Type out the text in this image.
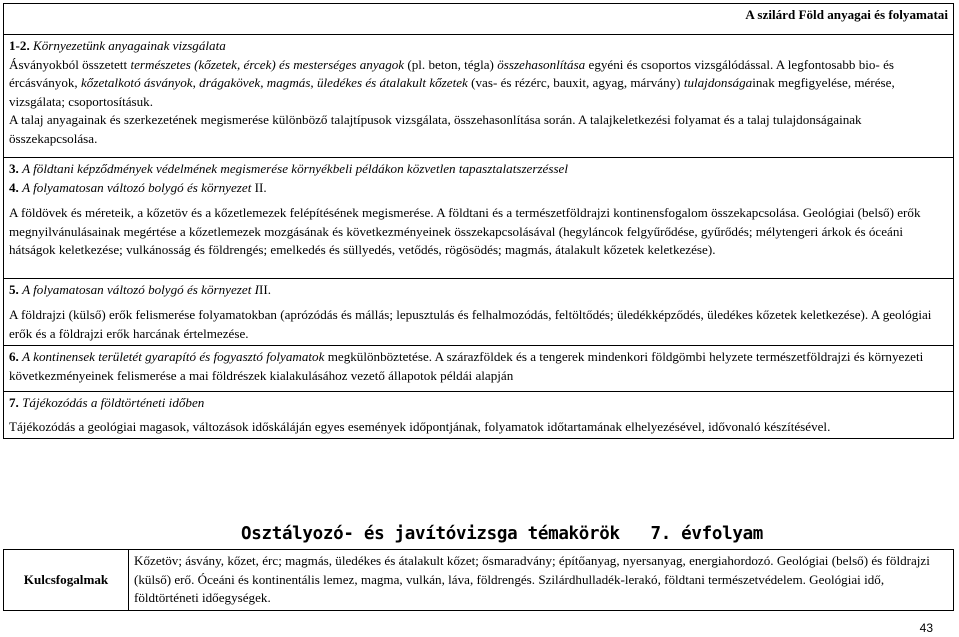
A szilárd Föld anyagai és folyamatai

1-2. Környezetünk anyagainak vizsgálata

Ásványokból összetett természetes (kőzetek, ércek) és mesterséges anyagok (pl. beton, tégla) összehasonlítása egyéni és csoportos vizsgálódással. A legfontosabb bio- és ércásványok, kőzetalkotó ásványok, drágakövek, magmás, üledékes és átalakult kőzetek (vas- és rézérc, bauxit, agyag, márvány) tulajdonságainak megfigyelése, mérése, vizsgálata; csoportosításuk.

A talaj anyagainak és szerkezetének megismerése különböző talajtípusok vizsgálata, összehasonlítása során. A talajkeletkezési folyamat és a talaj tulajdonságainak összekapcsolása.

3. A földtani képződmények védelmének megismerése környékbeli példákon közvetlen tapasztalatszerzéssel

4. A folyamatosan változó bolygó és környezet II.

A földövek és méreteik, a kőzetöv és a kőzetlemezek felépítésének megismerése. A földtani és a természetföldrajzi kontinensfogalom összekapcsolása. Geológiai (belső) erők megnyilvánulásainak megértése a kőzetlemezek mozgásának és következményeinek összekapcsolásával (hegyláncok felgyűrődése, gyűrődés; mélytengeri árkok és óceáni hátságok keletkezése; vulkánosság és földrengés; emelkedés és süllyedés, vetődés, rögösödés; magmás, átalakult kőzetek keletkezése).

5. A folyamatosan változó bolygó és környezet III.

A földrajzi (külső) erők felismerése folyamatokban (aprózódás és mállás; lepusztulás és felhalmozódás, feltöltődés; üledékképződés, üledékes kőzetek keletkezése). A geológiai erők és a földrajzi erők harcának értelmezése.

6. A kontinensek területét gyarapító és fogyasztó folyamatok megkülönböztetése. A szárazföldek és a tengerek mindenkori földgömbi helyzete természetföldrajzi és környezeti következményeinek felismerése a mai földrészek kialakulásához vezető állapotok példái alapján

7. Tájékozódás a földtörténeti időben

Tájékozódás a geológiai magasok, változások időskáláján egyes események időpontjának, folyamatok időtartamának elhelyezésével, idővonaló készítésével.

Osztályozó- és javítóvizsga témakörök 7. évfolyam
Kulcsfogalmak	Kőzetöv; ásvány, kőzet, érc; magmás, üledékes és átalakult kőzet; ősmaradvány; építőanyag, nyersanyag, energiahordozó. Geológiai (belső) és földrajzi (külső) erő. Óceáni és kontinentális lemez, magma, vulkán, láva, földrengés. Szilárdhulladék-lerakó, földtani természetvédelem. Geológiai idő, földtörténeti időegységek.
43
